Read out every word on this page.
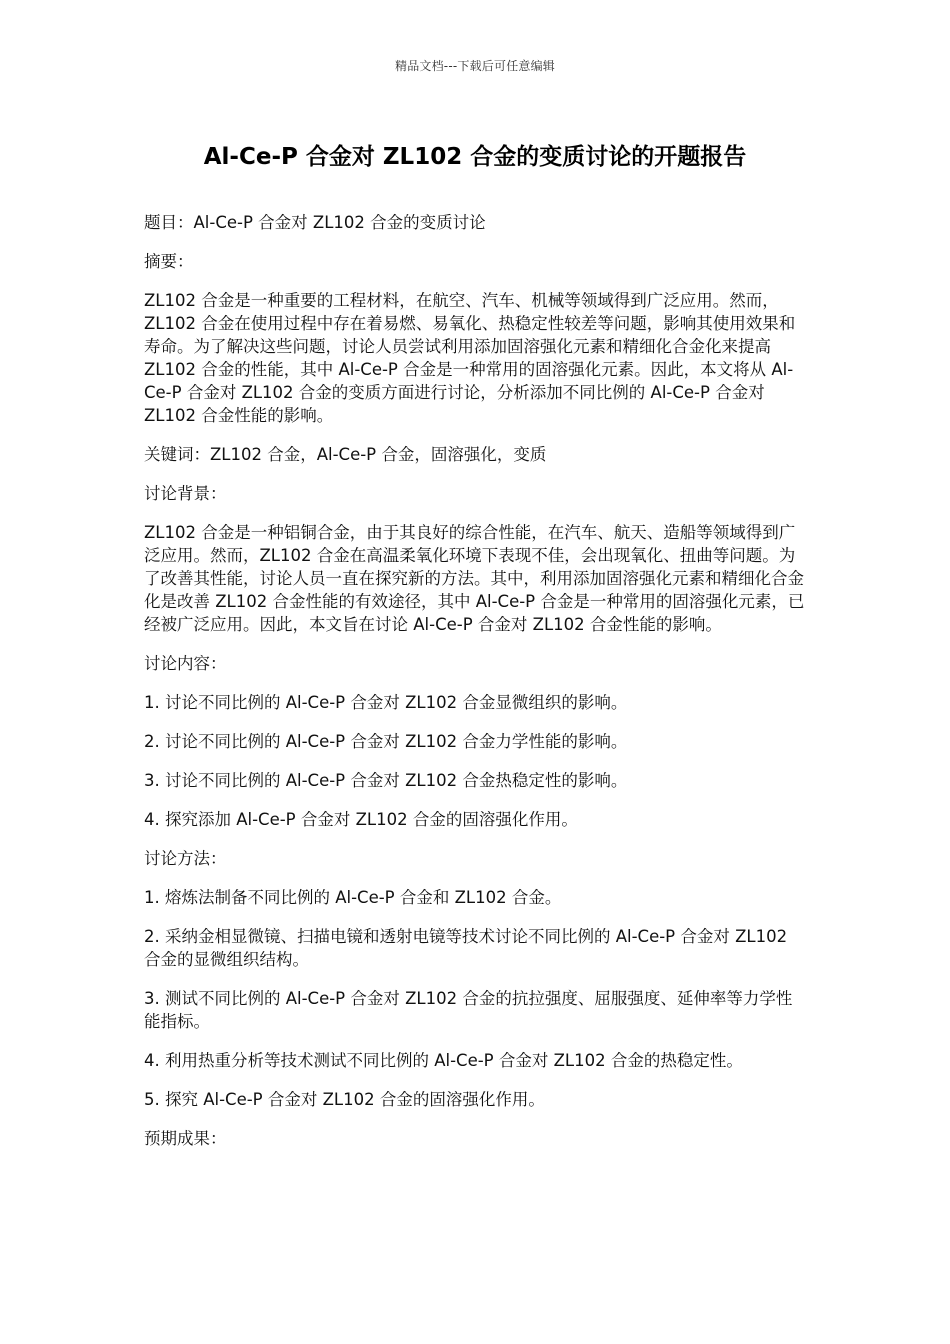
精品文档---下载后可任意编辑
Al-Ce-P 合金对 ZL102 合金的变质讨论的开题报告

题目：Al-Ce-P 合金对 ZL102 合金的变质讨论

摘要：

ZL102 合金是一种重要的工程材料，在航空、汽车、机械等领域得到广泛应用。然而，ZL102 合金在使用过程中存在着易燃、易氧化、热稳定性较差等问题，影响其使用效果和寿命。为了解决这些问题，讨论人员尝试利用添加固溶强化元素和精细化合金化来提高 ZL102 合金的性能，其中 Al-Ce-P 合金是一种常用的固溶强化元素。因此，本文将从 Al-Ce-P 合金对 ZL102 合金的变质方面进行讨论，分析添加不同比例的 Al-Ce-P 合金对 ZL102 合金性能的影响。

关键词：ZL102 合金，Al-Ce-P 合金，固溶强化，变质

讨论背景：

ZL102 合金是一种铝铜合金，由于其良好的综合性能，在汽车、航天、造船等领域得到广泛应用。然而，ZL102 合金在高温柔氧化环境下表现不佳，会出现氧化、扭曲等问题。为了改善其性能，讨论人员一直在探究新的方法。其中，利用添加固溶强化元素和精细化合金化是改善 ZL102 合金性能的有效途径，其中 Al-Ce-P 合金是一种常用的固溶强化元素，已经被广泛应用。因此，本文旨在讨论 Al-Ce-P 合金对 ZL102 合金性能的影响。

讨论内容：

1. 讨论不同比例的 Al-Ce-P 合金对 ZL102 合金显微组织的影响。

2. 讨论不同比例的 Al-Ce-P 合金对 ZL102 合金力学性能的影响。

3. 讨论不同比例的 Al-Ce-P 合金对 ZL102 合金热稳定性的影响。

4. 探究添加 Al-Ce-P 合金对 ZL102 合金的固溶强化作用。

讨论方法：

1. 熔炼法制备不同比例的 Al-Ce-P 合金和 ZL102 合金。

2. 采纳金相显微镜、扫描电镜和透射电镜等技术讨论不同比例的 Al-Ce-P 合金对 ZL102 合金的显微组织结构。

3. 测试不同比例的 Al-Ce-P 合金对 ZL102 合金的抗拉强度、屈服强度、延伸率等力学性能指标。

4. 利用热重分析等技术测试不同比例的 Al-Ce-P 合金对 ZL102 合金的热稳定性。

5. 探究 Al-Ce-P 合金对 ZL102 合金的固溶强化作用。

预期成果：
